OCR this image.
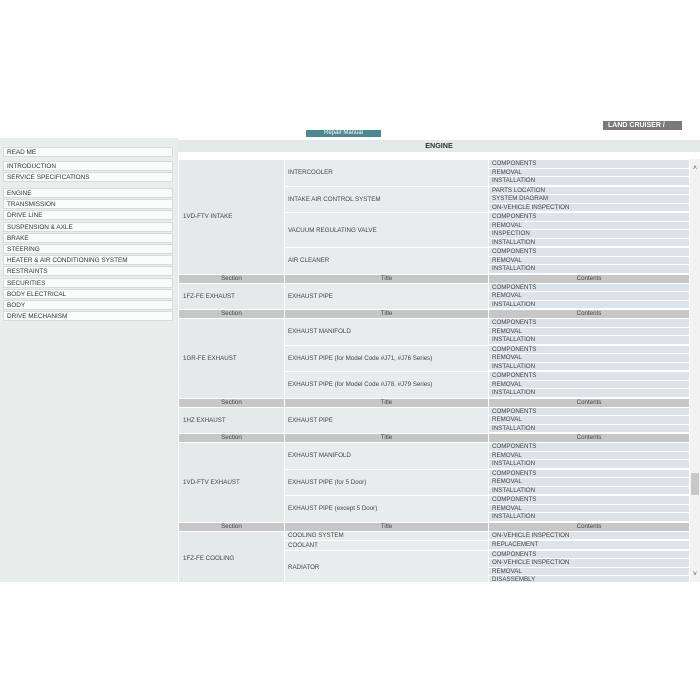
Repair Manual
LAND CRUISER /
READ ME
INTRODUCTION
SERVICE SPECIFICATIONS
ENGINE
TRANSMISSION
DRIVE LINE
SUSPENSION & AXLE
BRAKE
STEERING
HEATER & AIR CONDITIONING SYSTEM
RESTRAINTS
SECURITIES
BODY ELECTRICAL
BODY
DRIVE MECHANISM
ENGINE
1VD-FTV INTAKE	INTERCOOLER	COMPONENTS
REMOVAL
INSTALLATION

	INTAKE AIR CONTROL SYSTEM	PARTS LOCATION
SYSTEM DIAGRAM
ON-VEHICLE INSPECTION

	VACUUM REGULATING VALVE	COMPONENTS
REMOVAL
INSPECTION
INSTALLATION

	AIR CLEANER	COMPONENTS
REMOVAL
INSTALLATION

Section	Title	Contents
1FZ-FE EXHAUST	EXHAUST PIPE	COMPONENTS
REMOVAL
INSTALLATION

Section	Title	Contents
1GR-FE EXHAUST	EXHAUST MANIFOLD	COMPONENTS
REMOVAL
INSTALLATION

	EXHAUST PIPE (for Model Code #J71, #J76 Series)	COMPONENTS
REMOVAL
INSTALLATION

	EXHAUST PIPE (for Model Code #J78, #J79 Series)	COMPONENTS
REMOVAL
INSTALLATION

Section	Title	Contents
1HZ EXHAUST	EXHAUST PIPE	COMPONENTS
REMOVAL
INSTALLATION

Section	Title	Contents
1VD-FTV EXHAUST	EXHAUST MANIFOLD	COMPONENTS
REMOVAL
INSTALLATION

	EXHAUST PIPE (for 5 Door)	COMPONENTS
REMOVAL
INSTALLATION

	EXHAUST PIPE (except 5 Door)	COMPONENTS
REMOVAL
INSTALLATION

Section	Title	Contents
1FZ-FE COOLING	COOLING SYSTEM	ON-VEHICLE INSPECTION

	COOLANT	REPLACEMENT

	RADIATOR	COMPONENTS
ON-VEHICLE INSPECTION
REMOVAL
DISASSEMBLY
˄
˅
